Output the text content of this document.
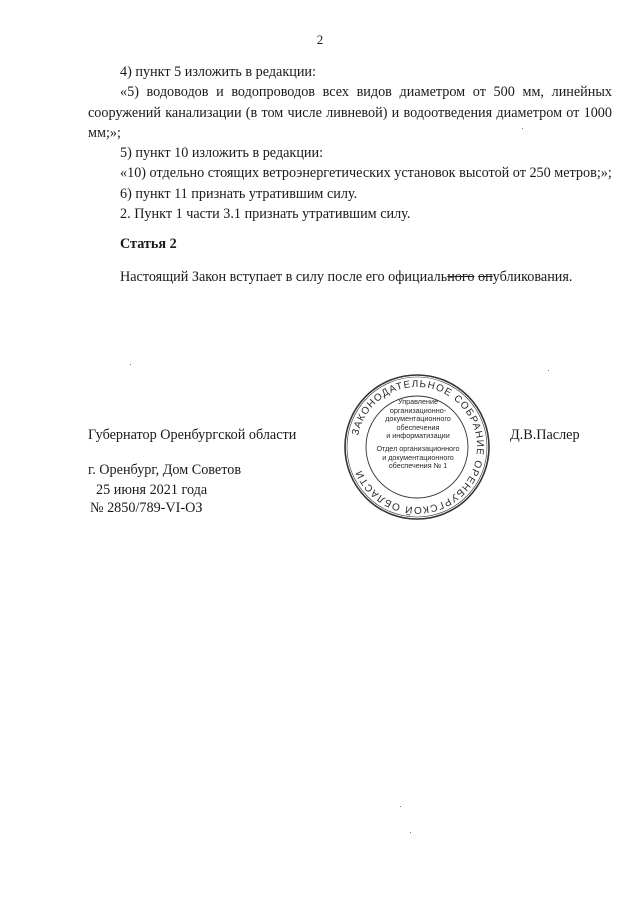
2

4) пункт 5 изложить в редакции:

«5) водоводов и водопроводов всех видов диаметром от 500 мм, линейных сооружений канализации (в том числе ливневой) и водоотведения диаметром от 1000 мм;»;

5) пункт 10 изложить в редакции:

«10) отдельно стоящих ветроэнергетических установок высотой от 250 метров;»;

6) пункт 11 признать утратившим силу.

2. Пункт 1 части 3.1 признать утратившим силу.

Статья 2
Настоящий Закон вступает в силу после его официального опубликования.
Губернатор Оренбургской области	Д.В.Паслер
г. Оренбург, Дом Советов
25 июня 2021 года
№ 2850/789-VI-ОЗ
ЗАКОНОДАТЕЛЬНОЕ СОБРАНИЕ ОРЕНБУРГСКОЙ ОБЛАСТИ
Управление
организационно-
документационного
обеспечения
и информатизации
Отдел организационного
и документационного
обеспечения № 1
